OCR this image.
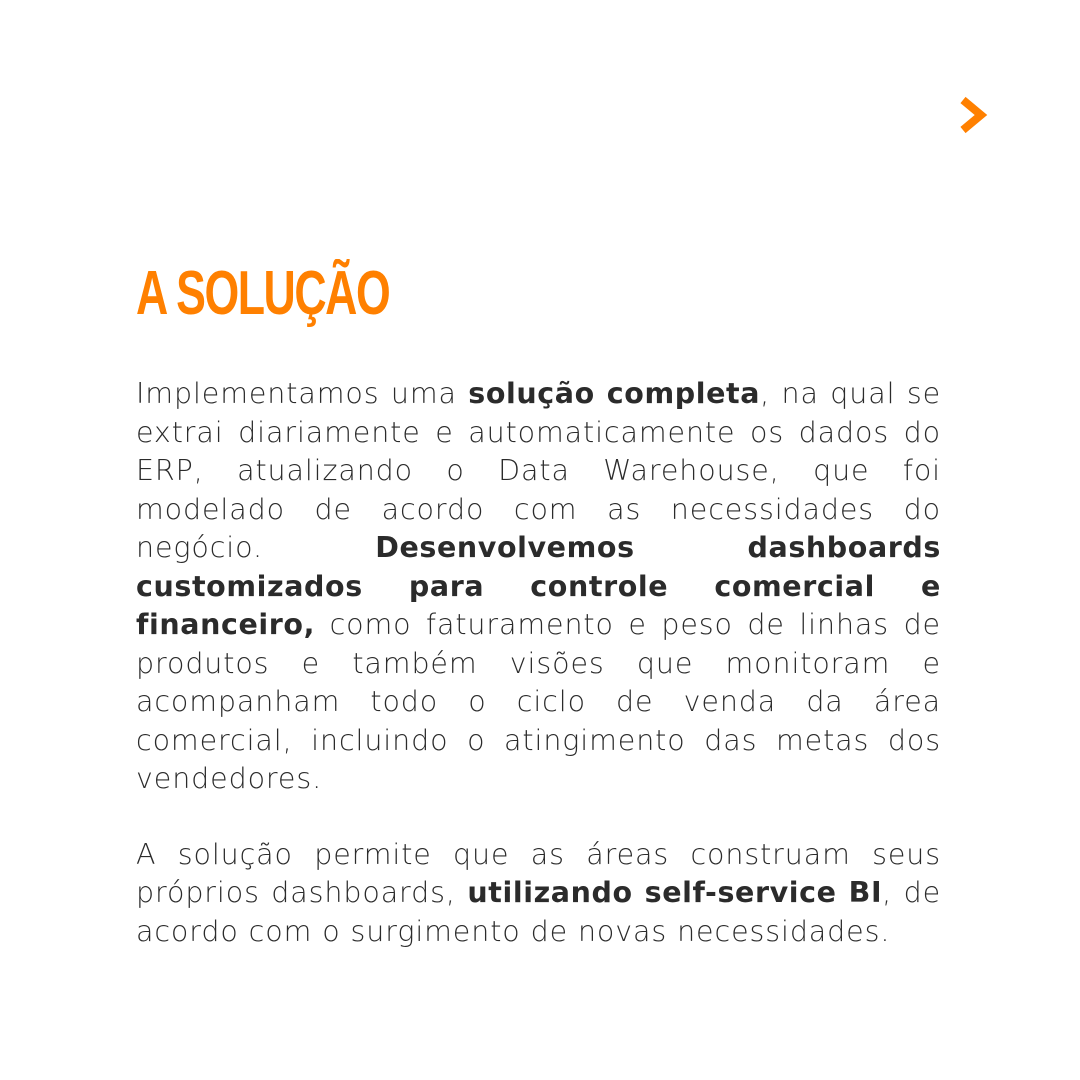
A SOLUÇÃO

Implementamos uma solução completa, na qual se extrai diariamente e automaticamente os dados do ERP, atualizando o Data Warehouse, que foi modelado de acordo com as necessidades do negócio. Desenvolvemos dashboards customizados para controle comercial e financeiro, como faturamento e peso de linhas de produtos e também visões que monitoram e acompanham todo o ciclo de venda da área comercial, incluindo o atingimento das metas dos vendedores.

A solução permite que as áreas construam seus próprios dashboards, utilizando self-service BI, de acordo com o surgimento de novas necessidades.
